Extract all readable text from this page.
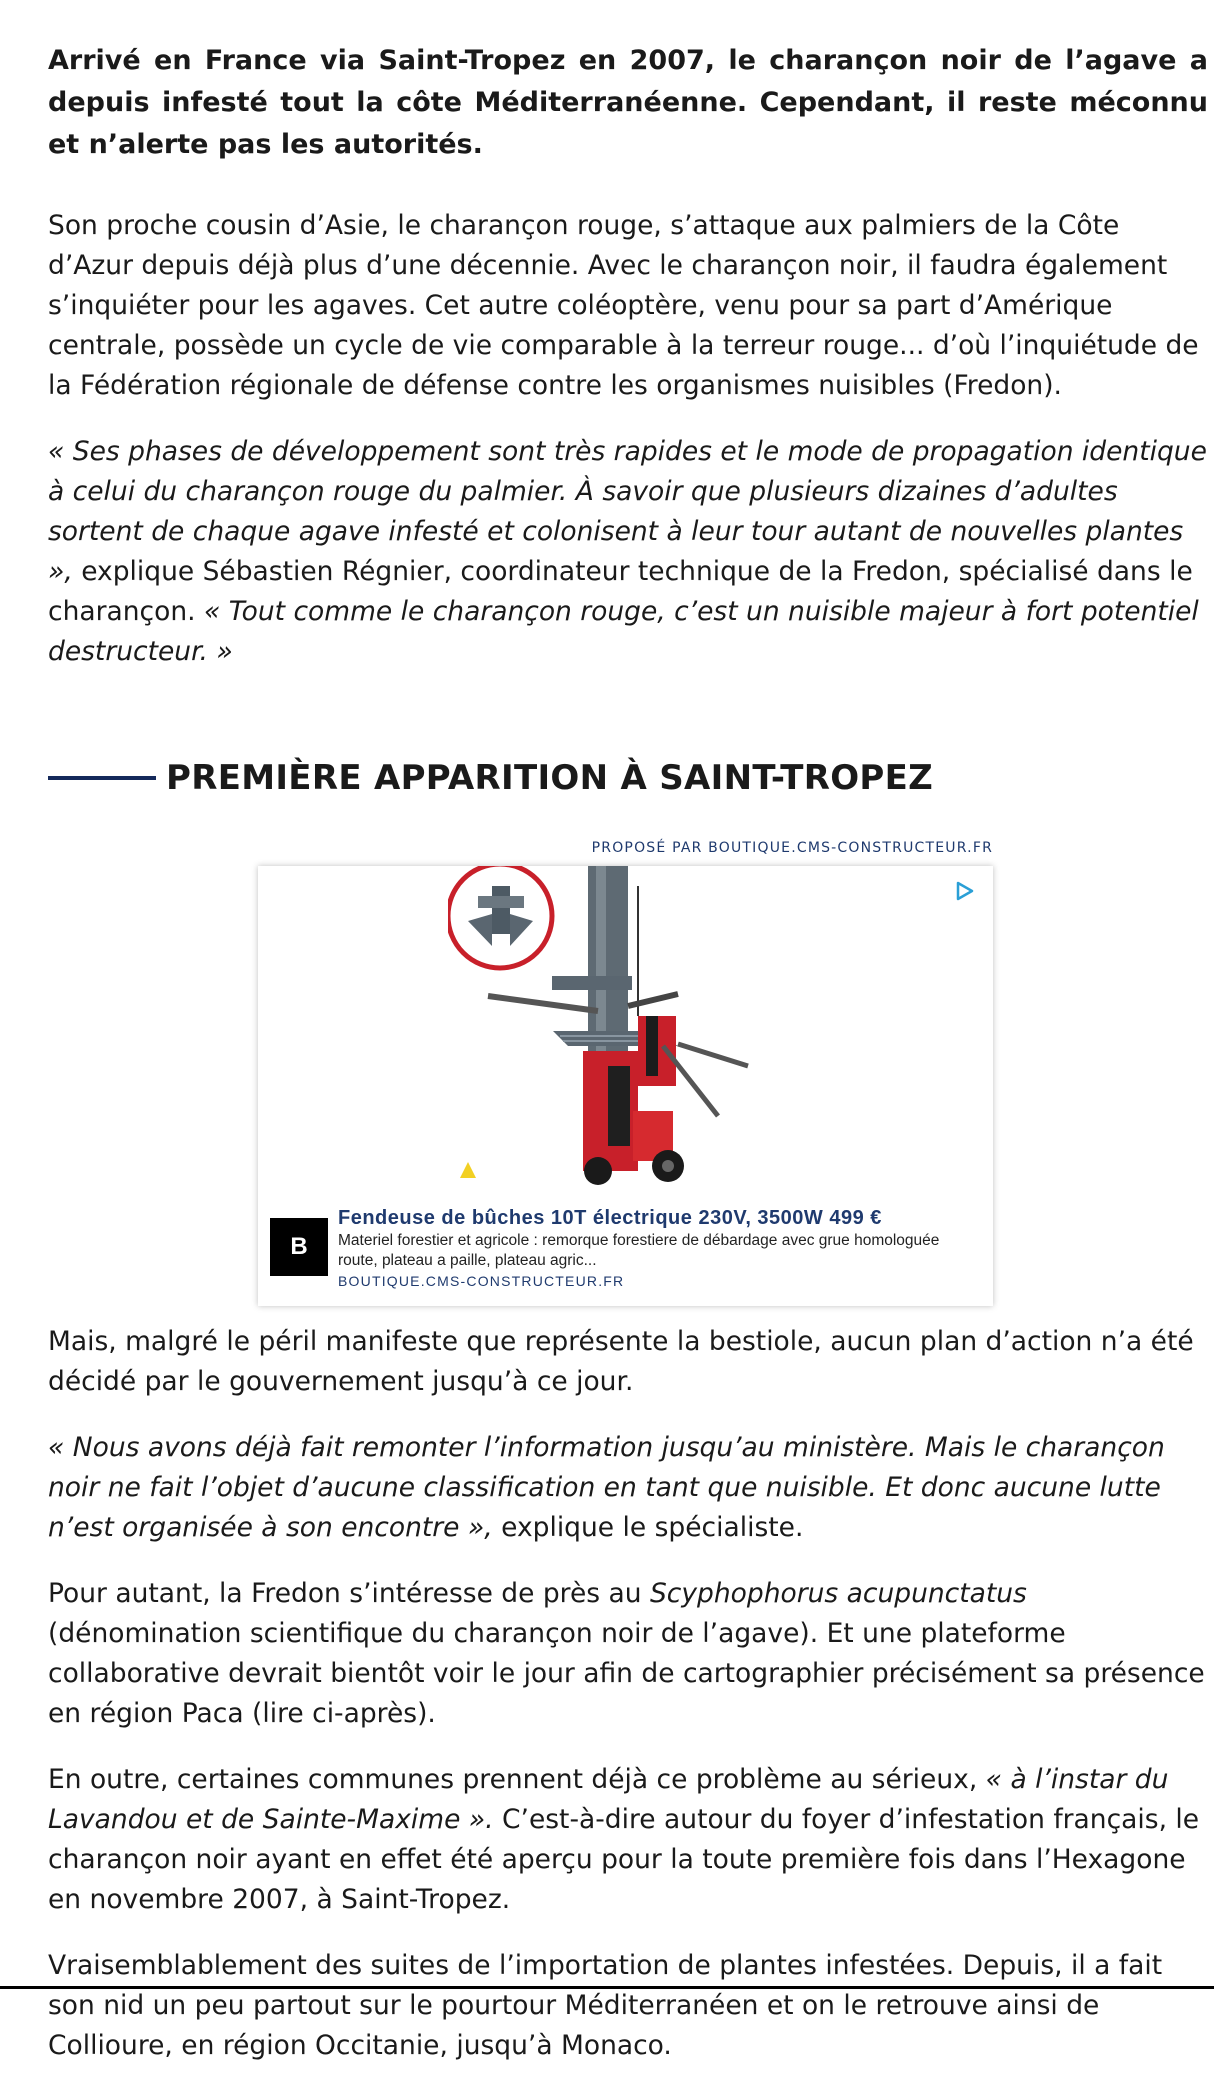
Arrivé en France via Saint-Tropez en 2007, le charançon noir de l’agave a depuis infesté tout la côte Méditerranéenne. Cependant, il reste méconnu et n’alerte pas les autorités.

Son proche cousin d’Asie, le charançon rouge, s’attaque aux palmiers de la Côte d’Azur depuis déjà plus d’une décennie. Avec le charançon noir, il faudra également s’inquiéter pour les agaves. Cet autre coléoptère, venu pour sa part d’Amérique centrale, possède un cycle de vie comparable à la terreur rouge... d’où l’inquiétude de la Fédération régionale de défense contre les organismes nuisibles (Fredon).

« Ses phases de développement sont très rapides et le mode de propagation identique à celui du charançon rouge du palmier. À savoir que plusieurs dizaines d’adultes sortent de chaque agave infesté et colonisent à leur tour autant de nouvelles plantes », explique Sébastien Régnier, coordinateur technique de la Fredon, spécialisé dans le charançon. « Tout comme le charançon rouge, c’est un nuisible majeur à fort potentiel destructeur. »

PREMIÈRE APPARITION À SAINT-TROPEZ
PROPOSÉ PAR BOUTIQUE.CMS-CONSTRUCTEUR.FR
B
Fendeuse de bûches 10T électrique 230V, 3500W 499 €
Materiel forestier et agricole : remorque forestiere de débardage avec grue homologuée route, plateau a paille, plateau agric...
BOUTIQUE.CMS-CONSTRUCTEUR.FR

Mais, malgré le péril manifeste que représente la bestiole, aucun plan d’action n’a été décidé par le gouvernement jusqu’à ce jour.

« Nous avons déjà fait remonter l’information jusqu’au ministère. Mais le charançon noir ne fait l’objet d’aucune classification en tant que nuisible. Et donc aucune lutte n’est organisée à son encontre », explique le spécialiste.

Pour autant, la Fredon s’intéresse de près au Scyphophorus acupunctatus (dénomination scientifique du charançon noir de l’agave). Et une plateforme collaborative devrait bientôt voir le jour afin de cartographier précisément sa présence en région Paca (lire ci-après).

En outre, certaines communes prennent déjà ce problème au sérieux, « à l’instar du Lavandou et de Sainte-Maxime ». C’est-à-dire autour du foyer d’infestation français, le charançon noir ayant en effet été aperçu pour la toute première fois dans l’Hexagone en novembre 2007, à Saint-Tropez.

Vraisemblablement des suites de l’importation de plantes infestées. Depuis, il a fait son nid un peu partout sur le pourtour Méditerranéen et on le retrouve ainsi de Collioure, en région Occitanie, jusqu’à Monaco.
